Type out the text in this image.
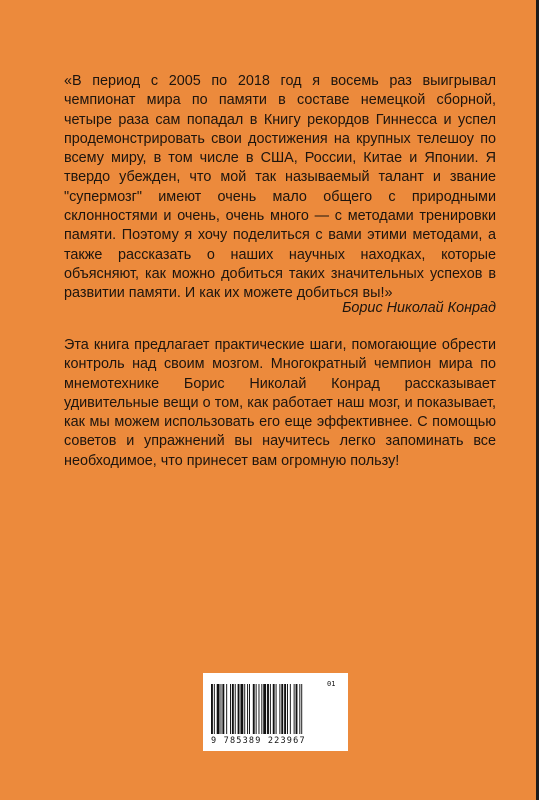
«В период с 2005 по 2018 год я восемь раз выигрывал чемпионат мира по памяти в составе немецкой сборной, четыре раза сам попадал в Книгу рекордов Гиннесса и успел продемонстрировать свои достижения на крупных телешоу по всему миру, в том числе в США, России, Китае и Японии. Я твердо убежден, что мой так называемый талант и звание "супермозг" имеют очень мало общего с природными склонностями и очень, очень много — с методами тренировки памяти. Поэтому я хочу поделиться с вами этими методами, а также рассказать о наших научных находках, которые объясняют, как можно добиться таких значительных успехов в развитии памяти. И как их можете добиться вы!»

Борис Николай Конрад

Эта книга предлагает практические шаги, помогающие обрести контроль над своим мозгом. Многократный чемпион мира по мнемотехнике Борис Николай Конрад рассказывает удивительные вещи о том, как работает наш мозг, и показывает, как мы можем использовать его еще эффективнее. С помощью советов и упражнений вы научитесь легко запоминать все необходимое, что принесет вам огромную пользу!

01
9 785389 223967
